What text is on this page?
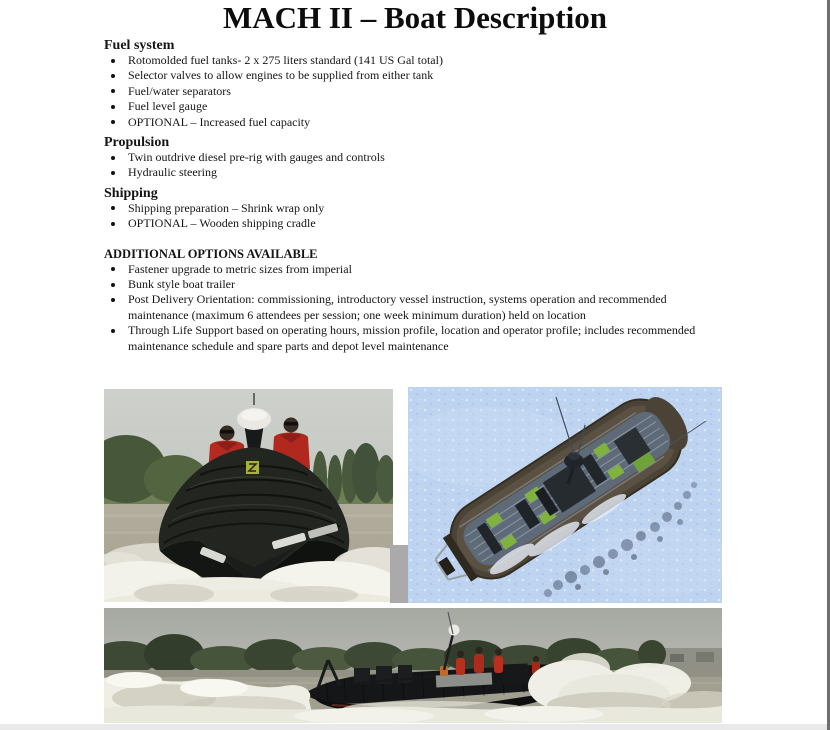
MACH II – Boat Description
Fuel system
Rotomolded fuel tanks- 2 x 275 liters standard (141 US Gal total)
Selector valves to allow engines to be supplied from either tank
Fuel/water separators
Fuel level gauge
OPTIONAL – Increased fuel capacity
Propulsion
Twin outdrive diesel pre-rig with gauges and controls
Hydraulic steering
Shipping
Shipping preparation – Shrink wrap only
OPTIONAL – Wooden shipping cradle
ADDITIONAL OPTIONS AVAILABLE
Fastener upgrade to metric sizes from imperial
Bunk style boat trailer
Post Delivery Orientation: commissioning, introductory vessel instruction, systems operation and recommended maintenance (maximum 6 attendees per session; one week minimum duration) held on location
Through Life Support based on operating hours, mission profile, location and operator profile; includes recommended maintenance schedule and spare parts and depot level maintenance
